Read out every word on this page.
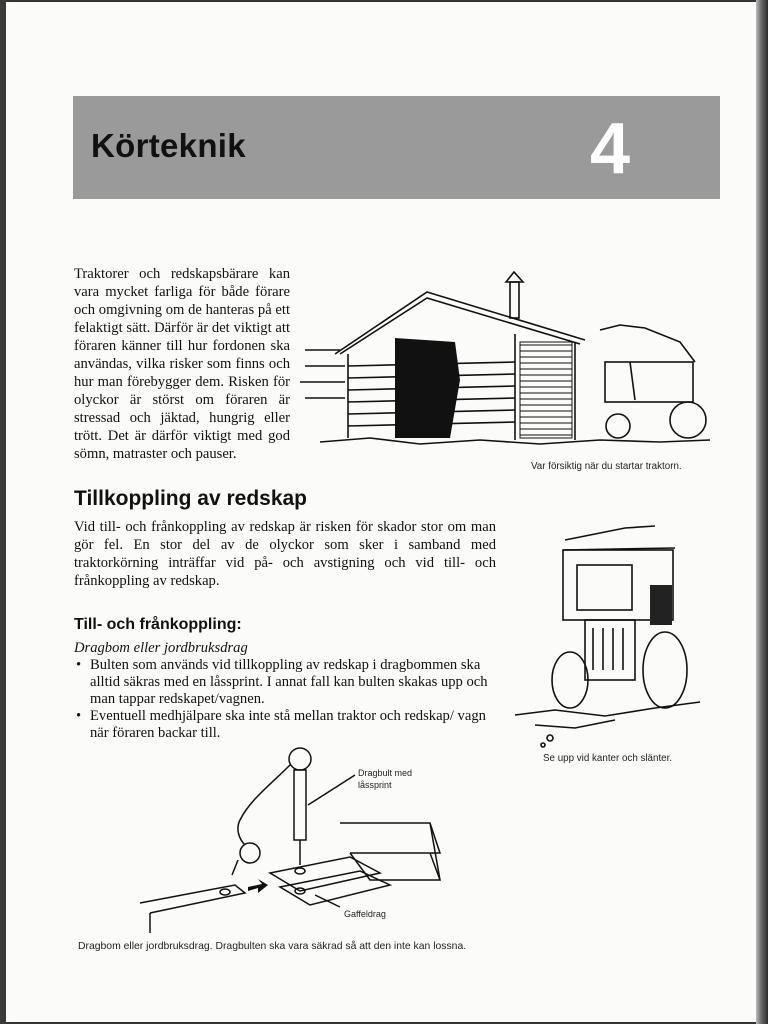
Körteknik	4
Traktorer och redskapsbärare kan vara mycket farliga för både förare och omgivning om de hanteras på ett felaktigt sätt. Därför är det viktigt att föraren känner till hur fordonen ska användas, vilka risker som finns och hur man förebygger dem. Risken för olyckor är störst om föraren är stressad och jäktad, hungrig eller trött. Det är därför viktigt med god sömn, matraster och pauser.
Var försiktig när du startar traktorn.
Tillkoppling av redskap
Vid till- och frånkoppling av redskap är risken för skador stor om man gör fel. En stor del av de olyckor som sker i samband med traktorkörning inträffar vid på- och avstigning och vid till- och frånkoppling av redskap.
Se upp vid kanter och slänter.
Till- och frånkoppling:
Dragbom eller jordbruksdrag
• Bulten som används vid tillkoppling av redskap i dragbommen ska alltid säkras med en låssprint. I annat fall kan bulten skakas upp och man tappar redskapet/vagnen.
• Eventuell medhjälpare ska inte stå mellan traktor och redskap/ vagn när föraren backar till.
Dragbult med
låssprint
Gaffeldrag
Dragbom eller jordbruksdrag. Dragbulten ska vara säkrad så att den inte kan lossna.
